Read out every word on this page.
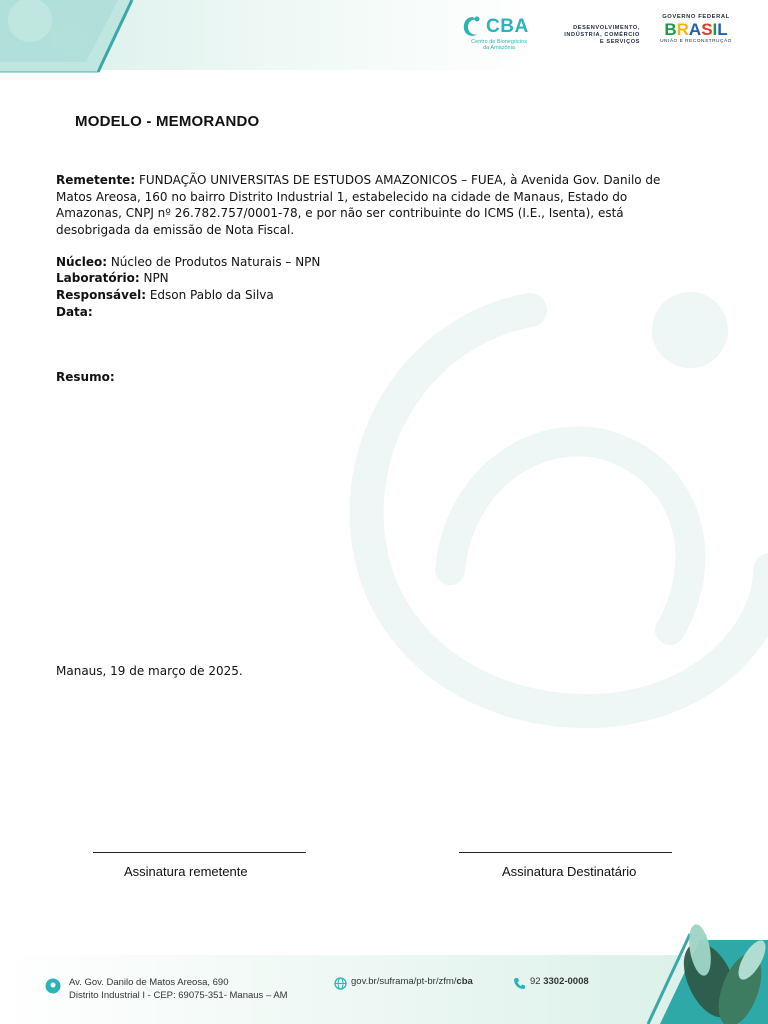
CBA
Centro de Bionegócios
da Amazônia
DESENVOLVIMENTO,
INDÚSTRIA, COMÉRCIO
E SERVIÇOS
GOVERNO FEDERAL
B R A S I L
UNIÃO E RECONSTRUÇÃO
MODELO - MEMORANDO
Remetente: FUNDAÇÃO UNIVERSITAS DE ESTUDOS AMAZONICOS – FUEA, à Avenida Gov. Danilo de Matos Areosa, 160 no bairro Distrito Industrial 1, estabelecido na cidade de Manaus, Estado do Amazonas, CNPJ nº 26.782.757/0001-78, e por não ser contribuinte do ICMS (I.E., Isenta), está desobrigada da emissão de Nota Fiscal.
Núcleo: Núcleo de Produtos Naturais – NPN
Laboratório: NPN
Responsável: Edson Pablo da Silva
Data:
Resumo:
Manaus, 19 de março de 2025.
Assinatura remetente	Assinatura Destinatário
Av. Gov. Danilo de Matos Areosa, 690
Distrito Industrial I - CEP: 69075-351- Manaus – AM
gov.br/suframa/pt-br/zfm/cba	92 3302-0008
